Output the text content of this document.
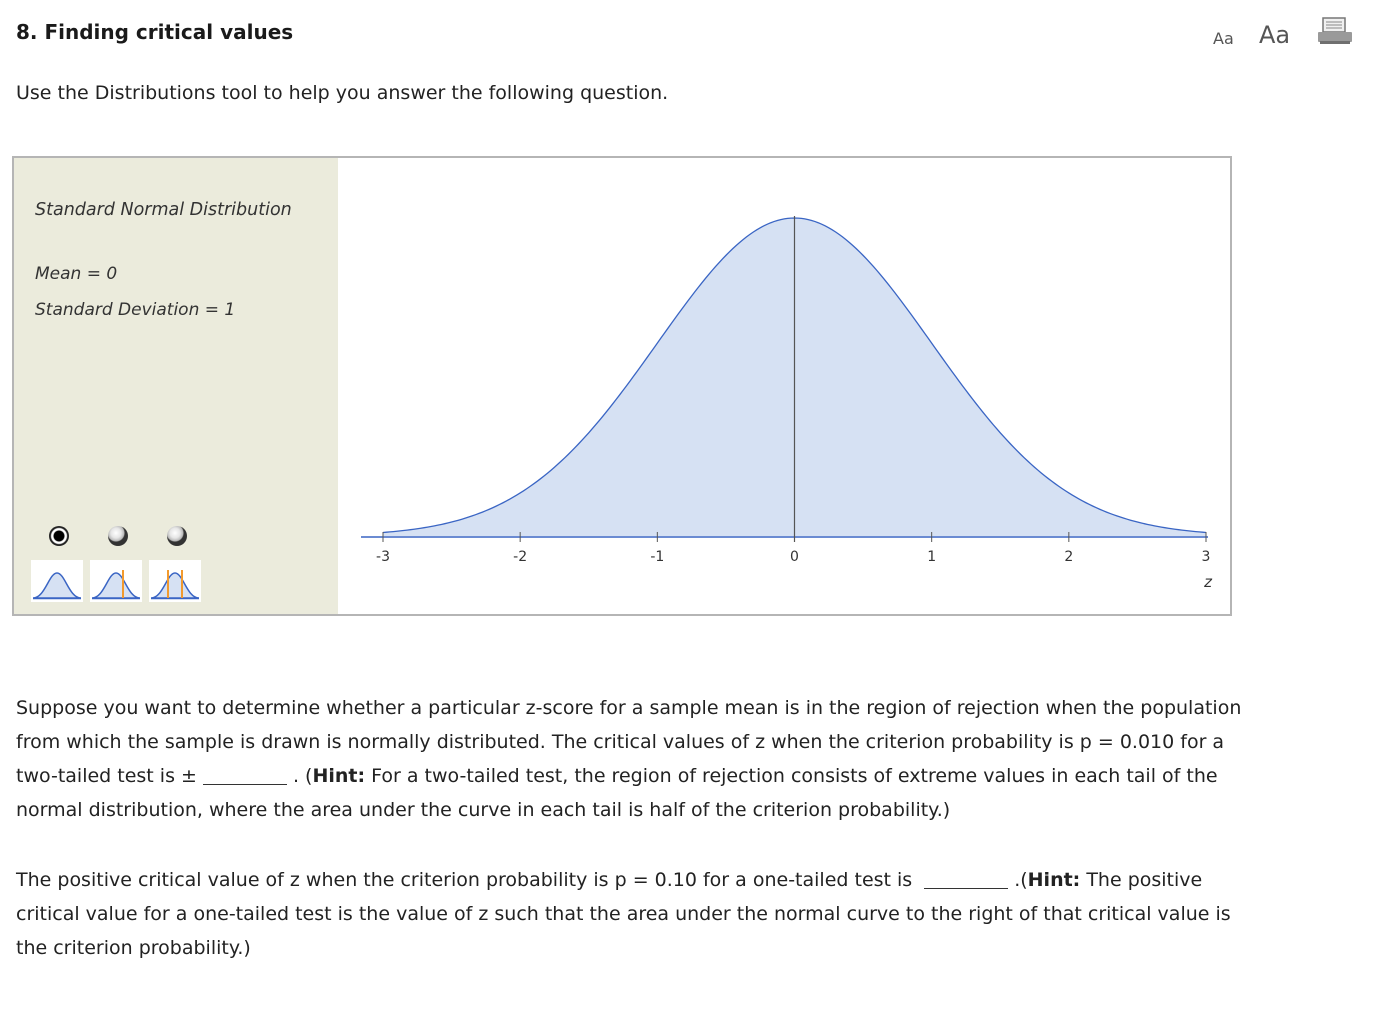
8. Finding critical values	Aa Aa
Use the Distributions tool to help you answer the following question.
Standard Normal Distribution
Mean = 0
Standard Deviation = 1
-3	-2	-1	0	1	2	3
z
Suppose you want to determine whether a particular z-score for a sample mean is in the region of rejection when the population
from which the sample is drawn is normally distributed. The critical values of z when the criterion probability is p = 0.010 for a
two-tailed test is ±	. (Hint: For a two-tailed test, the region of rejection consists of extreme values in each tail of the
normal distribution, where the area under the curve in each tail is half of the criterion probability.)
The positive critical value of z when the criterion probability is p = 0.10 for a one-tailed test is	.(Hint: The positive
critical value for a one-tailed test is the value of z such that the area under the normal curve to the right of that critical value is
the criterion probability.)
